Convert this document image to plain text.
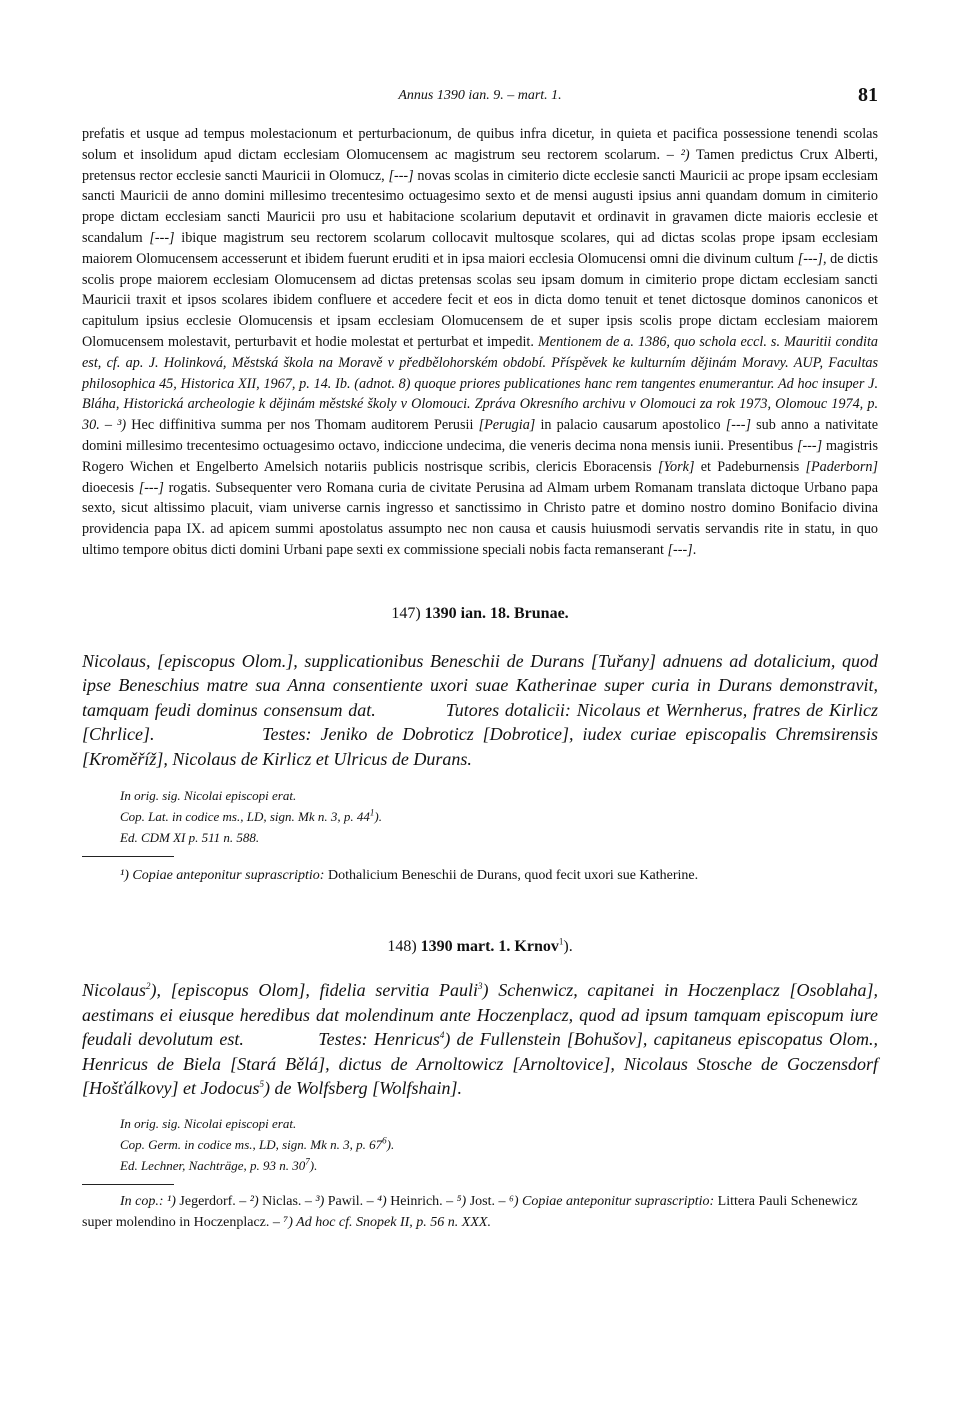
Annus 1390 ian. 9. – mart. 1.	81

prefatis et usque ad tempus molestacionum et perturbacionum, de quibus infra dicetur, in quieta et pacifica possessione tenendi scolas solum et insolidum apud dictam ecclesiam Olomucensem ac magistrum seu rectorem scolarum. – ²) Tamen predictus Crux Alberti, pretensus rector ecclesie sancti Mauricii in Olomucz, [---] novas scolas in cimiterio dicte ecclesie sancti Mauricii ac prope ipsam ecclesiam sancti Mauricii de anno domini millesimo trecentesimo octuagesimo sexto et de mensi augusti ipsius anni quandam domum in cimiterio prope dictam ecclesiam sancti Mauricii pro usu et habitacione scolarium deputavit et ordinavit in gravamen dicte maioris ecclesie et scandalum [---] ibique magistrum seu rectorem scolarum collocavit multosque scolares, qui ad dictas scolas prope ipsam ecclesiam maiorem Olomucensem accesserunt et ibidem fuerunt eruditi et in ipsa maiori ecclesia Olomucensi omni die divinum cultum [---], de dictis scolis prope maiorem ecclesiam Olomucensem ad dictas pretensas scolas seu ipsam domum in cimiterio prope dictam ecclesiam sancti Mauricii traxit et ipsos scolares ibidem confluere et accedere fecit et eos in dicta domo tenuit et tenet dictosque dominos canonicos et capitulum ipsius ecclesie Olomucensis et ipsam ecclesiam Olomucensem de et super ipsis scolis prope dictam ecclesiam maiorem Olomucensem molestavit, perturbavit et hodie molestat et perturbat et impedit. Mentionem de a. 1386, quo schola eccl. s. Mauritii condita est, cf. ap. J. Holinková, Městská škola na Moravě v předbělohorském období. Příspěvek ke kulturním dějinám Moravy. AUP, Facultas philosophica 45, Historica XII, 1967, p. 14. Ib. (adnot. 8) quoque priores publicationes hanc rem tangentes enumerantur. Ad hoc insuper J. Bláha, Historická archeologie k dějinám městské školy v Olomouci. Zpráva Okresního archivu v Olomouci za rok 1973, Olomouc 1974, p. 30. – ³) Hec diffinitiva summa per nos Thomam auditorem Perusii [Perugia] in palacio causarum apostolico [---] sub anno a nativitate domini millesimo trecentesimo octuagesimo octavo, indiccione undecima, die veneris decima nona mensis iunii. Presentibus [---] magistris Rogero Wichen et Engelberto Amelsich notariis publicis nostrisque scribis, clericis Eboracensis [York] et Padeburnensis [Paderborn] dioecesis [---] rogatis. Subsequenter vero Romana curia de civitate Perusina ad Almam urbem Romanam translata dictoque Urbano papa sexto, sicut altissimo placuit, viam universe carnis ingresso et sanctissimo in Christo patre et domino nostro domino Bonifacio divina providencia papa IX. ad apicem summi apostolatus assumpto nec non causa et causis huiusmodi servatis servandis rite in statu, in quo ultimo tempore obitus dicti domini Urbani pape sexti ex commissione speciali nobis facta remanserant [---].

147) 1390 ian. 18. Brunae.

Nicolaus, [episcopus Olom.], supplicationibus Beneschii de Durans [Tuřany] adnuens ad dotalicium, quod ipse Beneschius matre sua Anna consentiente uxori suae Katherinae super curia in Durans demonstravit, tamquam feudi dominus consensum dat.	Tutores dotalicii: Nicolaus et Wernherus, fratres de Kirlicz [Chrlice].	Testes: Jeniko de Dobroticz [Dobrotice], iudex curiae episcopalis Chremsirensis [Kroměříž], Nicolaus de Kirlicz et Ulricus de Durans.

In orig. sig. Nicolai episcopi erat.
Cop. Lat. in codice ms., LD, sign. Mk n. 3, p. $44^1$).
Ed. CDM XI p. 511 n. 588.

¹) Copiae anteponitur suprascriptio: Dothalicium Beneschii de Durans, quod fecit uxori sue Katherine.

148) 1390 mart. 1. Krnov$^1$).

Nicolaus$^2$), [episcopus Olom], fidelia servitia Pauli$^3$) Schenwicz, capitanei in Hoczenplacz [Osoblaha], aestimans ei eiusque heredibus dat molendinum ante Hoczenplacz, quod ad ipsum tamquam episcopum iure feudali devolutum est.	Testes: Henricus$^4$) de Fullenstein [Bohušov], capitaneus episcopatus Olom., Henricus de Biela [Stará Bělá], dictus de Arnoltowicz [Arnoltovice], Nicolaus Stosche de Goczensdorf [Hošťálkovy] et Jodocus$^5$) de Wolfsberg [Wolfshain].

In orig. sig. Nicolai episcopi erat.
Cop. Germ. in codice ms., LD, sign. Mk n. 3, p. $67^6$).
Ed. Lechner, Nachträge, p. 93 n. $30^7$).

In cop.: ¹) Jegerdorf. – ²) Niclas. – ³) Pawil. – ⁴) Heinrich. – ⁵) Jost. – ⁶) Copiae anteponitur suprascriptio: Littera Pauli Schenewicz super molendino in Hoczenplacz. – ⁷) Ad hoc cf. Snopek II, p. 56 n. XXX.
